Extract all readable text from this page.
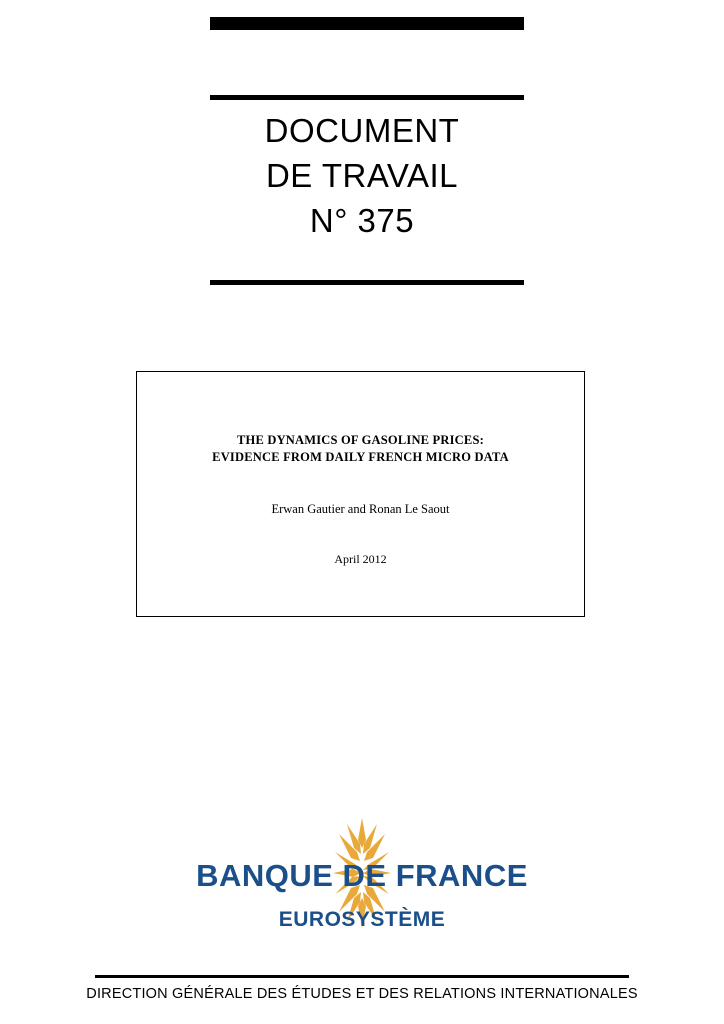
DOCUMENT
DE TRAVAIL
N° 375
THE DYNAMICS OF GASOLINE PRICES:
EVIDENCE FROM DAILY FRENCH MICRO DATA
Erwan Gautier and Ronan Le Saout
April 2012
BANQUE DE FRANCE
EUROSYSTÈME
DIRECTION GÉNÉRALE DES ÉTUDES ET DES RELATIONS INTERNATIONALES
